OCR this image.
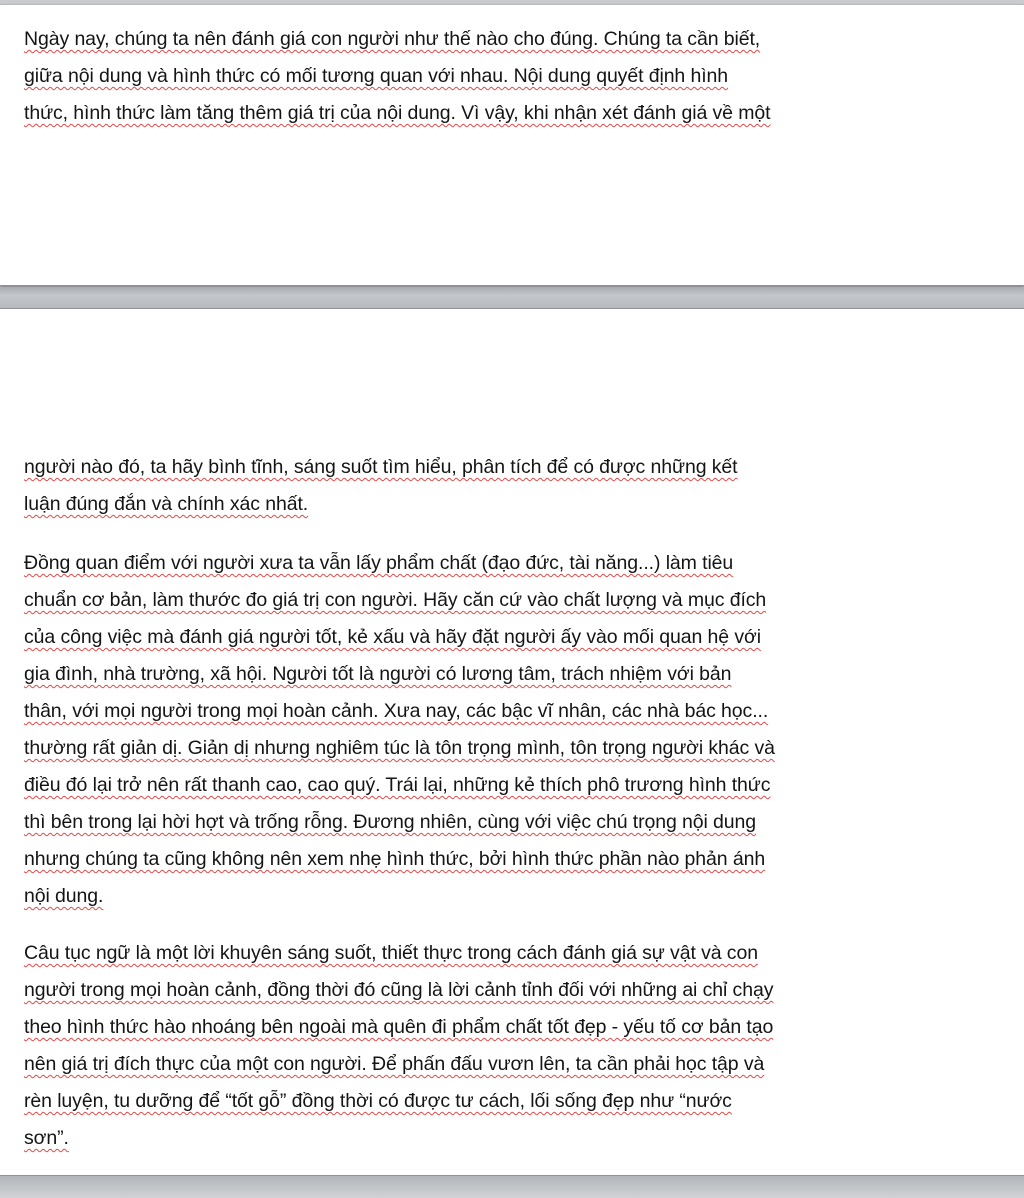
Ngày nay, chúng ta nên đánh giá con người như thế nào cho đúng. Chúng ta cần biết,
giữa nội dung và hình thức có mối tương quan với nhau. Nội dung quyết định hình
thức, hình thức làm tăng thêm giá trị của nội dung. Vì vậy, khi nhận xét đánh giá về một
người nào đó, ta hãy bình tĩnh, sáng suốt tìm hiểu, phân tích để có được những kết
luận đúng đắn và chính xác nhất.
Đồng quan điểm với người xưa ta vẫn lấy phẩm chất (đạo đức, tài năng...) làm tiêu
chuẩn cơ bản, làm thước đo giá trị con người. Hãy căn cứ vào chất lượng và mục đích
của công việc mà đánh giá người tốt, kẻ xấu và hãy đặt người ấy vào mối quan hệ với
gia đình, nhà trường, xã hội. Người tốt là người có lương tâm, trách nhiệm với bản
thân, với mọi người trong mọi hoàn cảnh. Xưa nay, các bậc vĩ nhân, các nhà bác học...
thường rất giản dị. Giản dị nhưng nghiêm túc là tôn trọng mình, tôn trọng người khác và
điều đó lại trở nên rất thanh cao, cao quý. Trái lại, những kẻ thích phô trương hình thức
thì bên trong lại hời hợt và trống rỗng. Đương nhiên, cùng với việc chú trọng nội dung
nhưng chúng ta cũng không nên xem nhẹ hình thức, bởi hình thức phần nào phản ánh
nội dung.
Câu tục ngữ là một lời khuyên sáng suốt, thiết thực trong cách đánh giá sự vật và con
người trong mọi hoàn cảnh, đồng thời đó cũng là lời cảnh tỉnh đối với những ai chỉ chạy
theo hình thức hào nhoáng bên ngoài mà quên đi phẩm chất tốt đẹp - yếu tố cơ bản tạo
nên giá trị đích thực của một con người. Để phấn đấu vươn lên, ta cần phải học tập và
rèn luyện, tu dưỡng để “tốt gỗ” đồng thời có được tư cách, lối sống đẹp như “nước
sơn”.
